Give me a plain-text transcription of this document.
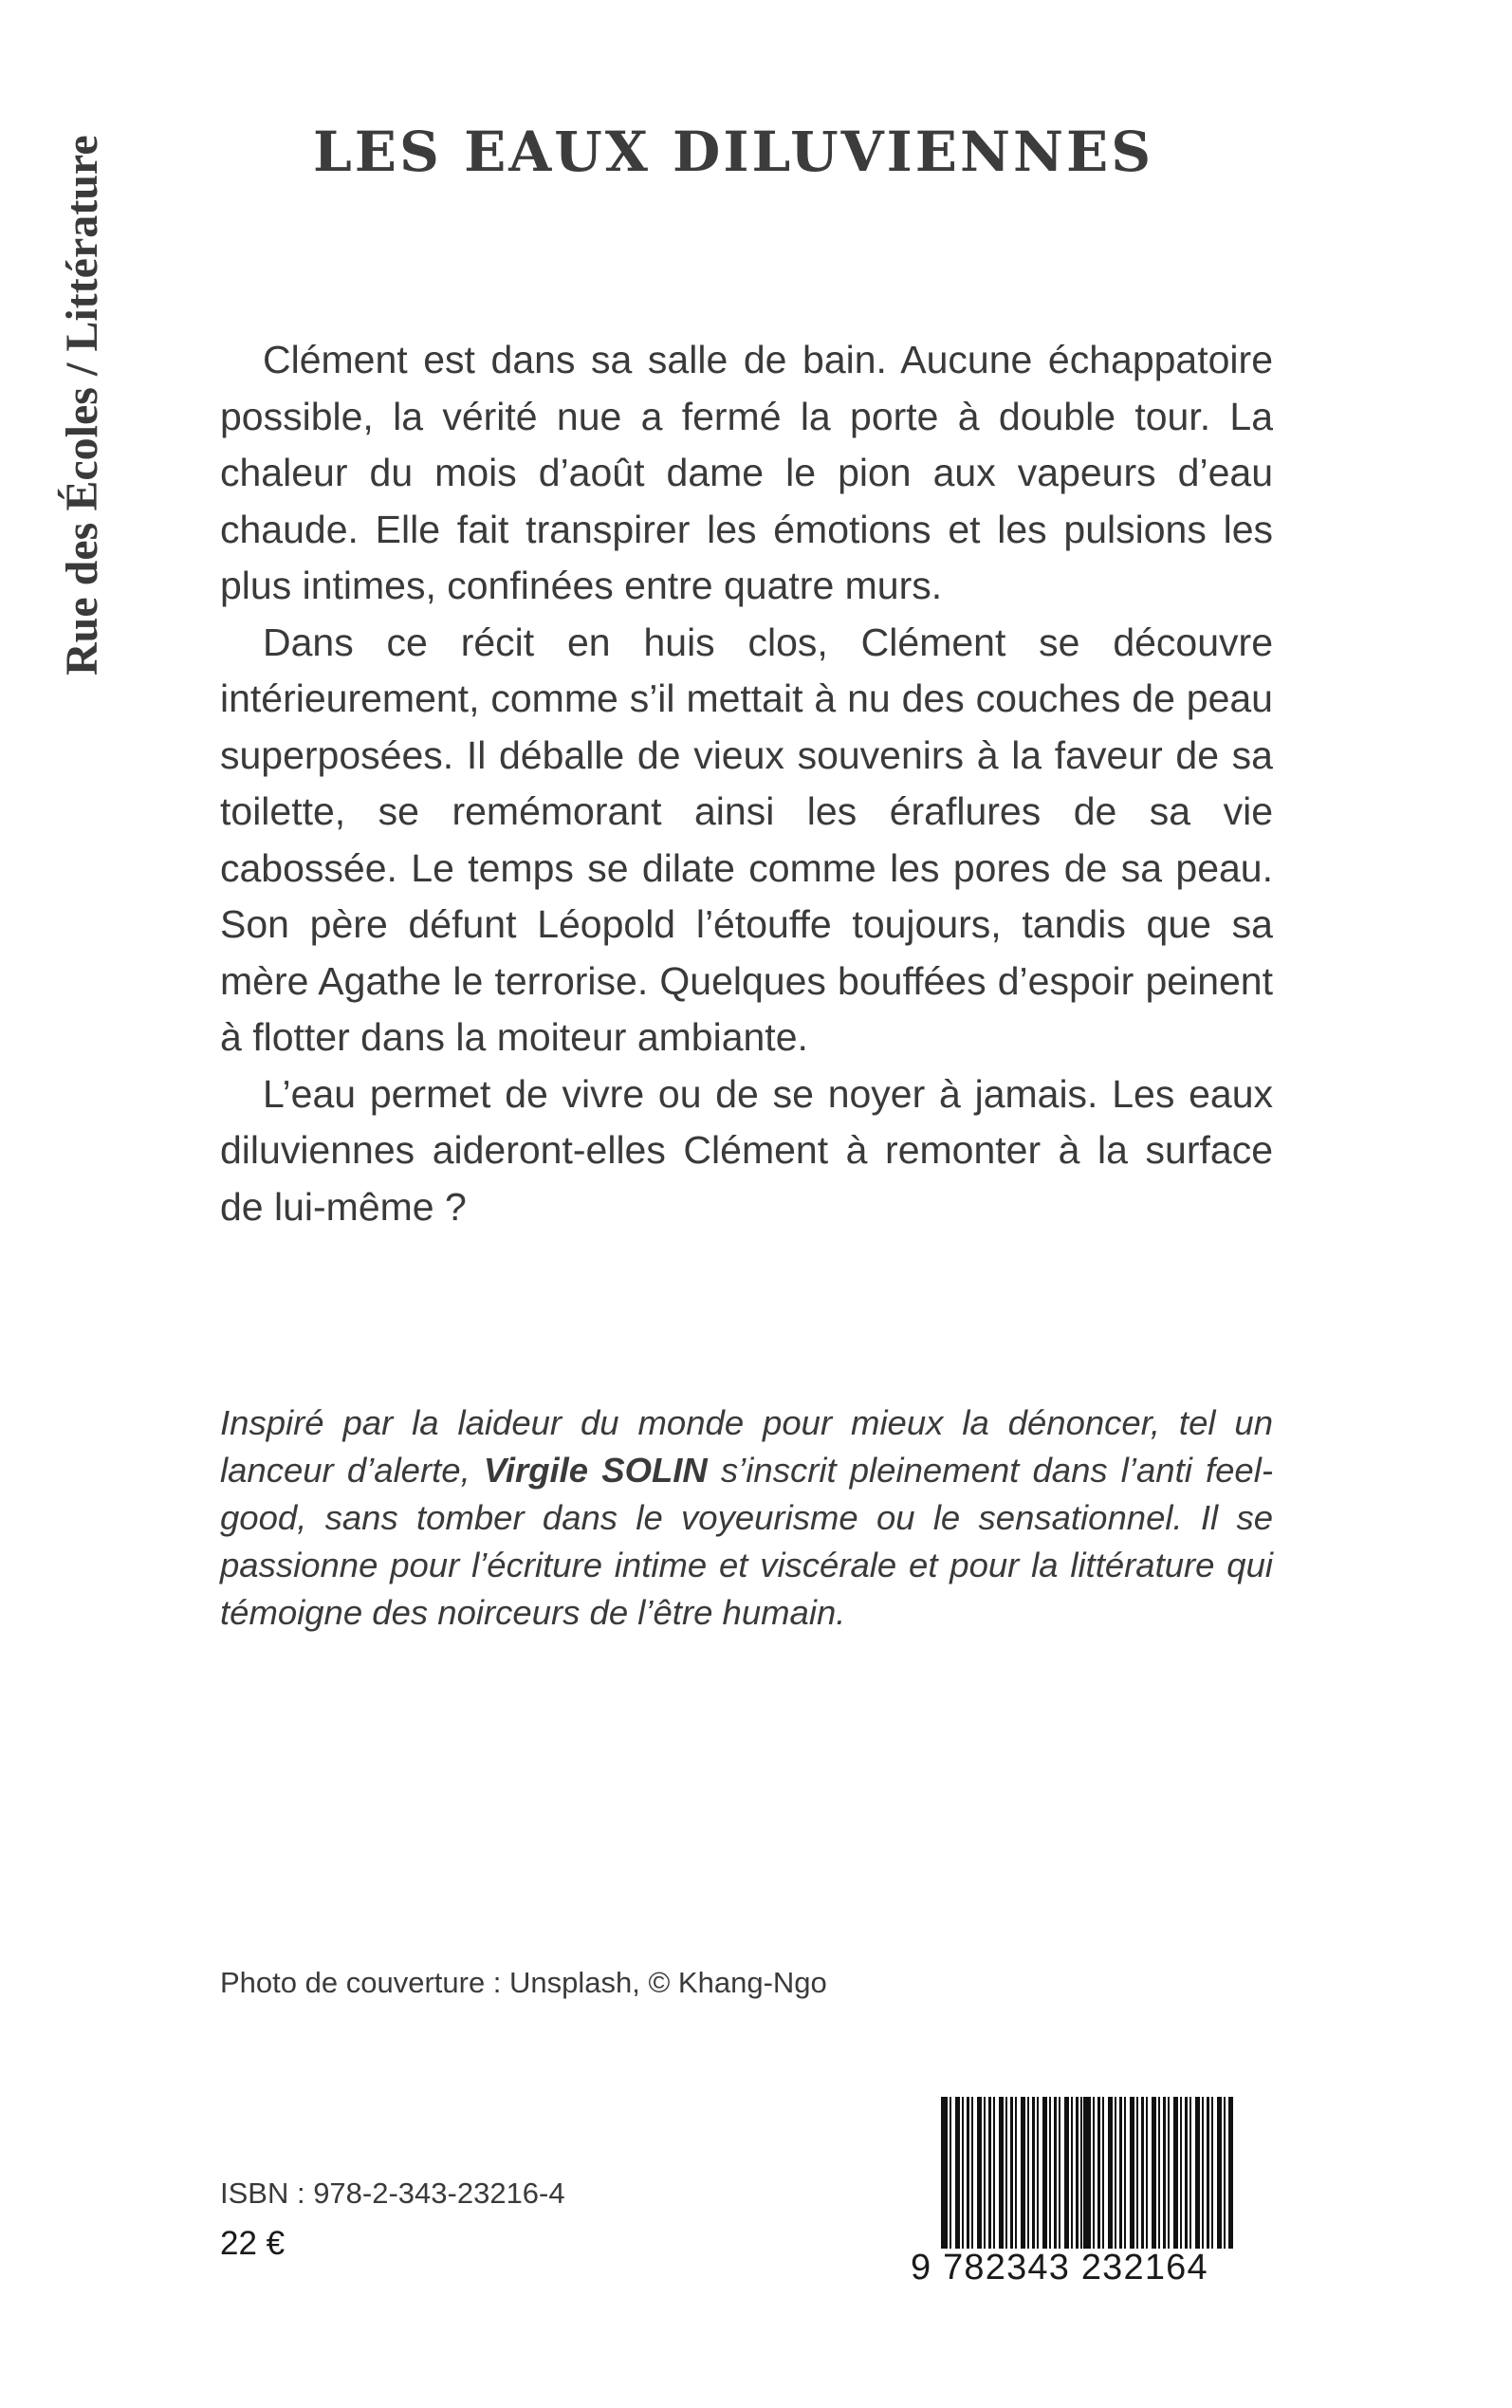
Rue des Écoles / Littérature	LES EAUX DILUVIENNES

Clément est dans sa salle de bain. Aucune échappatoire possible, la vérité nue a fermé la porte à double tour. La chaleur du mois d’août dame le pion aux vapeurs d’eau chaude. Elle fait transpirer les émotions et les pulsions les plus intimes, confinées entre quatre murs.

Dans ce récit en huis clos, Clément se découvre intérieurement, comme s’il mettait à nu des couches de peau superposées. Il déballe de vieux souvenirs à la faveur de sa toilette, se remémorant ainsi les éraflures de sa vie cabossée. Le temps se dilate comme les pores de sa peau. Son père défunt Léopold l’étouffe toujours, tandis que sa mère Agathe le terrorise. Quelques bouffées d’espoir peinent à flotter dans la moiteur ambiante.

L’eau permet de vivre ou de se noyer à jamais. Les eaux diluviennes aideront-elles Clément à remonter à la surface de lui-même ?

Inspiré par la laideur du monde pour mieux la dénoncer, tel un lanceur d’alerte, Virgile SOLIN s’inscrit pleinement dans l’anti feel-good, sans tomber dans le voyeurisme ou le sensationnel. Il se passionne pour l’écriture intime et viscérale et pour la littérature qui témoigne des noirceurs de l’être humain.

Photo de couverture : Unsplash, © Khang-Ngo
ISBN : 978-2-343-23216-4
22 €
9 782343 232164
